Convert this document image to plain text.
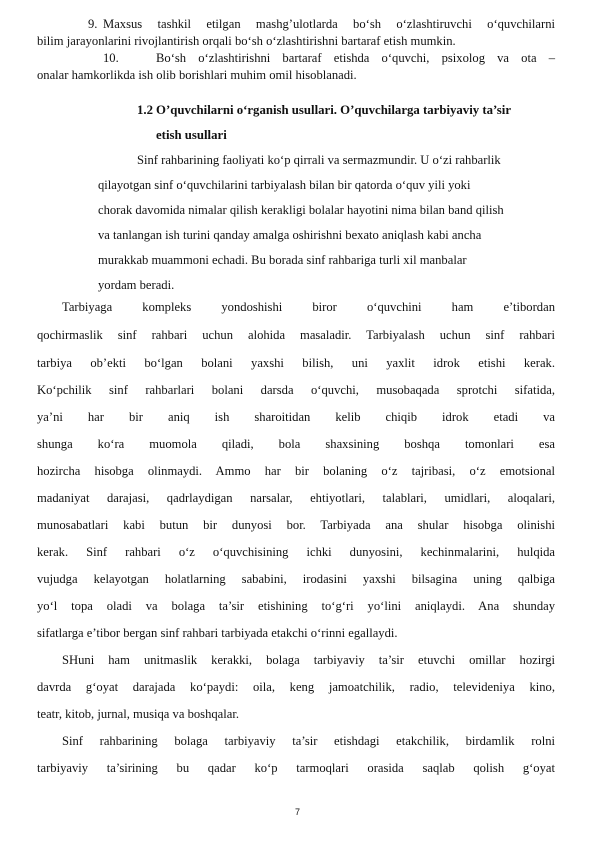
9. Maxsus tashkil etilgan mashg’ulotlarda bo‘sh o‘zlashtiruvchi o‘quvchilarni
bilim jarayonlarini rivojlantirish orqali bo‘sh o‘zlashtirishni bartaraf etish mumkin.
10.	Bo‘sh o‘zlashtirishni bartaraf etishda o‘quvchi, psixolog va ota –
onalar hamkorlikda ish olib borishlari muhim omil hisoblanadi.
1.2 O’quvchilarni o‘rganish usullari. O’quvchilarga tarbiyaviy ta’sir
etish usullari
Sinf rahbarining faoliyati ko‘p qirrali va sermazmundir. U o‘zi rahbarlik
qilayotgan sinf o‘quvchilarini tarbiyalash bilan bir qatorda o‘quv yili yoki
chorak davomida nimalar qilish kerakligi bolalar hayotini nima bilan band qilish
va tanlangan ish turini qanday amalga oshirishni bexato aniqlash kabi ancha
murakkab muammoni echadi. Bu borada sinf rahbariga turli xil manbalar
yordam beradi.
Tarbiyaga kompleks yondoshishi biror o‘quvchini ham e’tibordan
qochirmaslik sinf rahbari uchun alohida masaladir. Tarbiyalash uchun sinf rahbari
tarbiya ob’ekti bo‘lgan bolani yaxshi bilish, uni yaxlit idrok etishi kerak.
Ko‘pchilik sinf rahbarlari bolani darsda o‘quvchi, musobaqada sprotchi sifatida,
ya’ni har bir aniq ish sharoitidan kelib chiqib idrok etadi va
shunga ko‘ra muomola qiladi, bola shaxsining boshqa tomonlari esa
hozircha hisobga olinmaydi. Ammo har bir bolaning o‘z tajribasi, o‘z emotsional
madaniyat darajasi, qadrlaydigan narsalar, ehtiyotlari, talablari, umidlari, aloqalari,
munosabatlari kabi butun bir dunyosi bor. Tarbiyada ana shular hisobga olinishi
kerak. Sinf rahbari o‘z o‘quvchisining ichki dunyosini, kechinmalarini, hulqida
vujudga kelayotgan holatlarning sababini, irodasini yaxshi bilsagina uning qalbiga
yo‘l topa oladi va bolaga ta’sir etishining to‘g‘ri yo‘lini aniqlaydi. Ana shunday
sifatlarga e’tibor bergan sinf rahbari tarbiyada etakchi o‘rinni egallaydi.
SHuni ham unitmaslik kerakki, bolaga tarbiyaviy ta’sir etuvchi omillar hozirgi
davrda g‘oyat darajada ko‘paydi: oila, keng jamoatchilik, radio, televideniya kino,
teatr, kitob, jurnal, musiqa va boshqalar.
Sinf rahbarining bolaga tarbiyaviy ta’sir etishdagi etakchilik, birdamlik rolni
tarbiyaviy ta’sirining bu qadar ko‘p tarmoqlari orasida saqlab qolish g‘oyat
7
